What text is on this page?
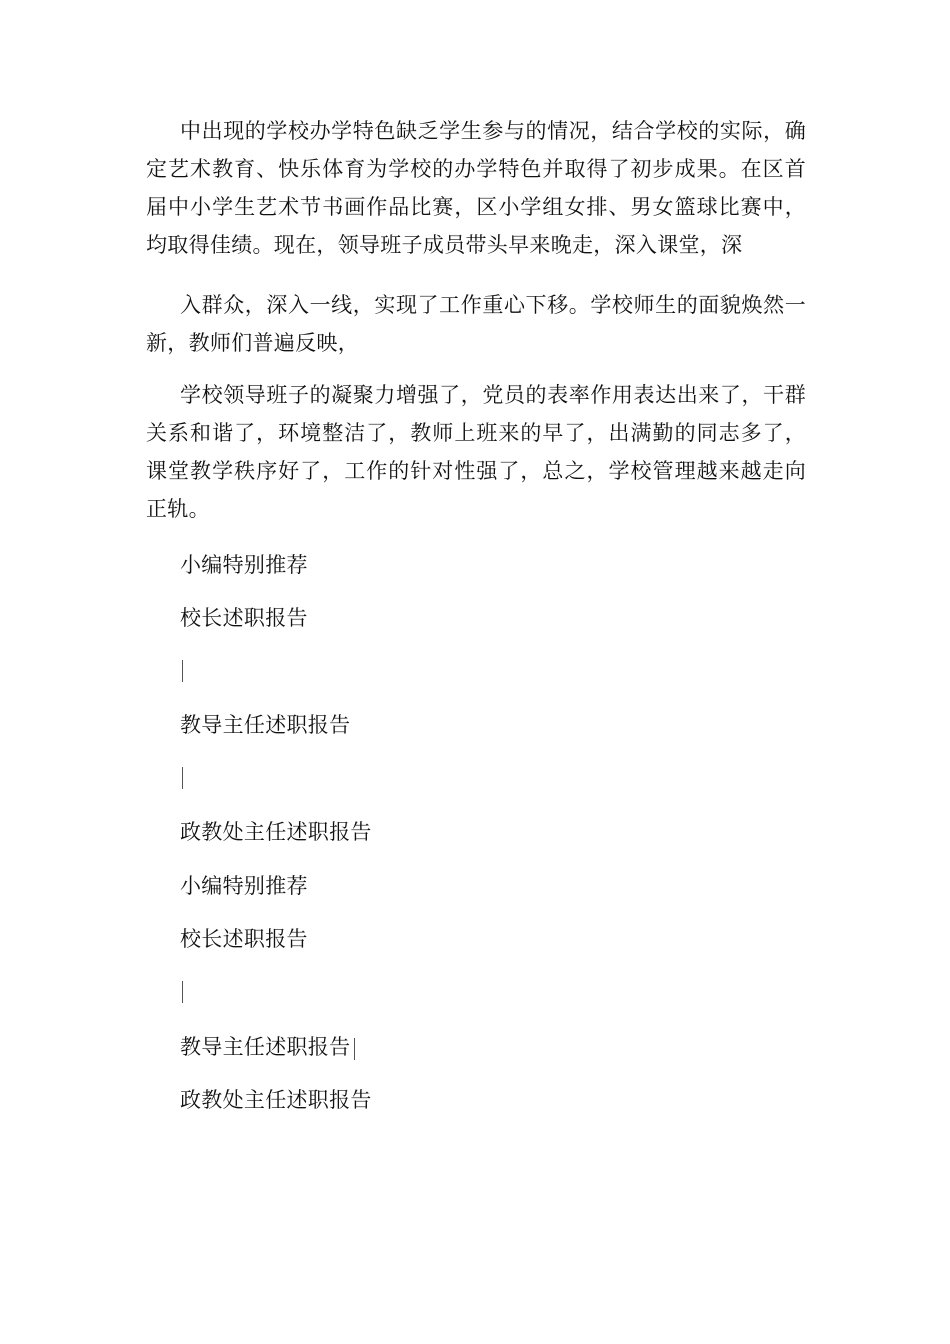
中出现的学校办学特色缺乏学生参与的情况，结合学校的实际，确定艺术教育、快乐体育为学校的办学特色并取得了初步成果。在区首届中小学生艺术节书画作品比赛，区小学组女排、男女篮球比赛中，均取得佳绩。现在，领导班子成员带头早来晚走，深入课堂，深

入群众，深入一线，实现了工作重心下移。学校师生的面貌焕然一新，教师们普遍反映，

学校领导班子的凝聚力增强了，党员的表率作用表达出来了，干群关系和谐了，环境整洁了，教师上班来的早了，出满勤的同志多了，课堂教学秩序好了，工作的针对性强了，总之，学校管理越来越走向正轨。

小编特别推荐

校长述职报告

教导主任述职报告

政教处主任述职报告

小编特别推荐

校长述职报告

教导主任述职报告

政教处主任述职报告
